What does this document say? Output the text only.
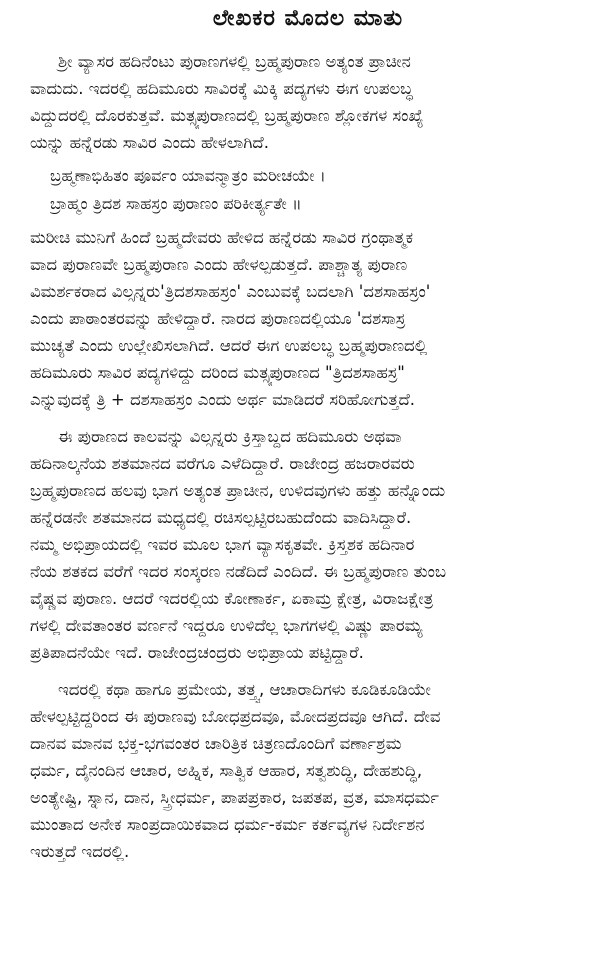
ಲೇಖಕರ ಮೊದಲ ಮಾತು

ಶ್ರೀ ವ್ಯಾಸರ ಹದಿನೆಂಟು ಪುರಾಣಗಳಲ್ಲಿ ಬ್ರಹ್ಮಪುರಾಣ ಅತ್ಯಂತ ಪ್ರಾಚೀನ
ವಾದುದು. ಇದರಲ್ಲಿ ಹದಿಮೂರು ಸಾವಿರಕ್ಕೆ ಮಿಕ್ಕಿ ಪದ್ಯಗಳು ಈಗ ಉಪಲಬ್ಧ
ವಿದ್ದುದರಲ್ಲಿ ದೊರಕುತ್ತವೆ. ಮತ್ಸ್ಯಪುರಾಣದಲ್ಲಿ ಬ್ರಹ್ಮಪುರಾಣ ಶ್ಲೋಕಗಳ ಸಂಖ್ಯೆ
ಯನ್ನು ಹನ್ನೆರಡು ಸಾವಿರ ಎಂದು ಹೇಳಲಾಗಿದೆ.

ಬ್ರಹ್ಮಣಾಭಿಹಿತಂ ಪೂರ್ವಂ ಯಾವನ್ಮಾತ್ರಂ ಮರೀಚಯೇ ।
ಬ್ರಾಹ್ಮಂ ತ್ರಿದಶ ಸಾಹಸ್ರಂ ಪುರಾಣಂ ಪರಿಕೀರ್ತ್ಯತೇ ॥

ಮರೀಚಿ ಮುನಿಗೆ ಹಿಂದೆ ಬ್ರಹ್ಮದೇವರು ಹೇಳಿದ ಹನ್ನೆರಡು ಸಾವಿರ ಗ್ರಂಥಾತ್ಮಕ
ವಾದ ಪುರಾಣವೇ ಬ್ರಹ್ಮಪುರಾಣ ಎಂದು ಹೇಳಲ್ಪಡುತ್ತದೆ. ಪಾಶ್ಚಾತ್ಯ ಪುರಾಣ
ವಿಮರ್ಶಕರಾದ ವಿಲ್ಸನ್ನರು'ತ್ರಿದಶಸಾಹಸ್ರಂ' ಎಂಬುವಕ್ಕೆ ಬದಲಾಗಿ 'ದಶಸಾಹಸ್ರಂ'
ಎಂದು ಪಾಠಾಂತರವನ್ನು ಹೇಳಿದ್ದಾರೆ. ನಾರದ ಪುರಾಣದಲ್ಲಿಯೂ 'ದಶಸಾಸ್ರ
ಮುಚ್ಯತೆ ಎಂದು ಉಲ್ಲೇಖಿಸಲಾಗಿದೆ. ಆದರೆ ಈಗ ಉಪಲಬ್ಧ ಬ್ರಹ್ಮಪುರಾಣದಲ್ಲಿ
ಹದಿಮೂರು ಸಾವಿರ ಪದ್ಯಗಳಿದ್ದು ದರಿಂದ ಮತ್ಸ್ಯಪುರಾಣದ "ತ್ರಿದಶಸಾಹಸ್ರ"
ಎನ್ನುವುದಕ್ಕೆ ತ್ರಿ + ದಶಸಾಹಸ್ರಂ ಎಂದು ಅರ್ಥ ಮಾಡಿದರೆ ಸರಿಹೋಗುತ್ತದೆ.

ಈ ಪುರಾಣದ ಕಾಲವನ್ನು ವಿಲ್ಸನ್ನರು ಕ್ರಿಸ್ತಾಬ್ದದ ಹದಿಮೂರು ಅಥವಾ
ಹದಿನಾಲ್ಕನೆಯ ಶತಮಾನದ ವರೆಗೂ ಎಳೆದಿದ್ದಾರೆ. ರಾಜೇಂದ್ರ ಹಜರಾರವರು
ಬ್ರಹ್ಮಪುರಾಣದ ಹಲವು ಭಾಗ ಅತ್ಯಂತ ಪ್ರಾಚೀನ, ಉಳಿದವುಗಳು ಹತ್ತು ಹನ್ನೊಂದು
ಹನ್ನೆರಡನೇ ಶತಮಾನದ ಮಧ್ಯದಲ್ಲಿ ರಚಿಸಲ್ಪಟ್ಟಿರಬಹುದೆಂದು ವಾದಿಸಿದ್ದಾರೆ.
ನಮ್ಮ ಅಭಿಪ್ರಾಯದಲ್ಲಿ ಇವರ ಮೂಲ ಭಾಗ ವ್ಯಾಸಕೃತವೇ. ಕ್ರಿಸ್ತಶಕ ಹದಿನಾರ
ನೆಯ ಶತಕದ ವರೆಗೆ ಇದರ ಸಂಸ್ಕರಣ ನಡೆದಿದೆ ಎಂದಿದೆ. ಈ ಬ್ರಹ್ಮಪುರಾಣ ತುಂಬ
ವೈಷ್ಣವ ಪುರಾಣ. ಆದರೆ ಇದರಲ್ಲಿಯ ಕೋಣಾರ್ಕ, ಏಕಾಮ್ರ ಕ್ಷೇತ್ರ, ವಿರಾಜಕ್ಷೇತ್ರ
ಗಳಲ್ಲಿ ದೇವತಾಂತರ ವರ್ಣನೆ ಇದ್ದರೂ ಉಳಿದೆಲ್ಲ ಭಾಗಗಳಲ್ಲಿ ವಿಷ್ಣು ಪಾರಮ್ಯ
ಪ್ರತಿಪಾದನೆಯೇ ಇದೆ. ರಾಜೇಂದ್ರಚಂದ್ರರು ಅಭಿಪ್ರಾಯ ಪಟ್ಟಿದ್ದಾರೆ.

ಇದರಲ್ಲಿ ಕಥಾ ಹಾಗೂ ಪ್ರಮೇಯ, ತತ್ತ್ವ, ಆಚಾರಾದಿಗಳು ಕೂಡಿಕೂಡಿಯೇ
ಹೇಳಲ್ಪಟ್ಟಿದ್ದರಿಂದ ಈ ಪುರಾಣವು ಬೋಧಪ್ರದವೂ, ಮೋದಪ್ರದವೂ ಆಗಿದೆ. ದೇವ
ದಾನವ ಮಾನವ ಭಕ್ತ-ಭಗವಂತರ ಚಾರಿತ್ರಿಕ ಚಿತ್ರಣದೊಂದಿಗೆ ವರ್ಣಾಶ್ರಮ
ಧರ್ಮ, ದೈನಂದಿನ ಆಚಾರ, ಅಹ್ನಿಕ, ಸಾತ್ವಿಕ ಆಹಾರ, ಸತ್ವಶುದ್ಧಿ, ದೇಹಶುದ್ಧಿ,
ಅಂತ್ಯೇಷ್ಟಿ, ಸ್ನಾನ, ದಾನ, ಸ್ತ್ರೀಧರ್ಮ, ಪಾಪಪ್ರಕಾರ, ಜಪತಪ, ವ್ರತ, ಮಾಸಧರ್ಮ
ಮುಂತಾದ ಅನೇಕ ಸಾಂಪ್ರದಾಯಿಕವಾದ ಧರ್ಮ-ಕರ್ಮ ಕರ್ತವ್ಯಗಳ ನಿರ್ದೇಶನ
ಇರುತ್ತದೆ ಇದರಲ್ಲಿ.
